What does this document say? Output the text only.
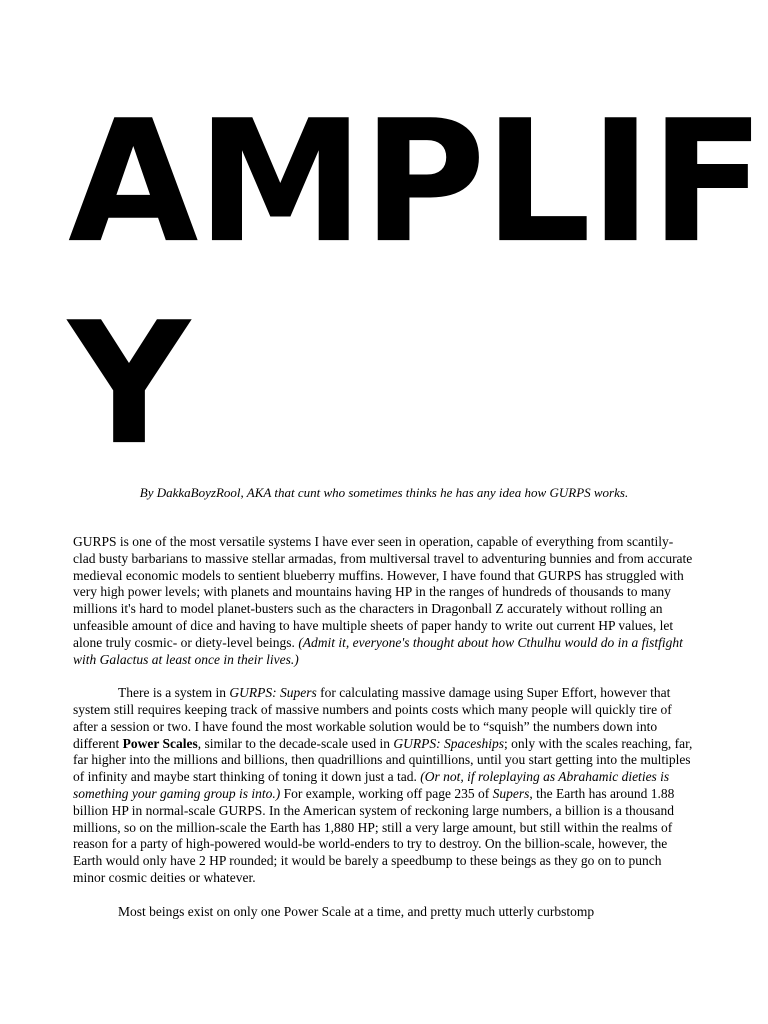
AMPLIF
Y
By DakkaBoyzRool, AKA that cunt who sometimes thinks he has any idea how GURPS works.

GURPS is one of the most versatile systems I have ever seen in operation, capable of everything from scantily-clad busty barbarians to massive stellar armadas, from multiversal travel to adventuring bunnies and from accurate medieval economic models to sentient blueberry muffins. However, I have found that GURPS has struggled with very high power levels; with planets and mountains having HP in the ranges of hundreds of thousands to many millions it's hard to model planet-busters such as the characters in Dragonball Z accurately without rolling an unfeasible amount of dice and having to have multiple sheets of paper handy to write out current HP values, let alone truly cosmic- or diety-level beings. (Admit it, everyone's thought about how Cthulhu would do in a fistfight with Galactus at least once in their lives.)

There is a system in GURPS: Supers for calculating massive damage using Super Effort, however that system still requires keeping track of massive numbers and points costs which many people will quickly tire of after a session or two. I have found the most workable solution would be to “squish” the numbers down into different Power Scales, similar to the decade-scale used in GURPS: Spaceships; only with the scales reaching, far, far higher into the millions and billions, then quadrillions and quintillions, until you start getting into the multiples of infinity and maybe start thinking of toning it down just a tad. (Or not, if roleplaying as Abrahamic dieties is something your gaming group is into.) For example, working off page 235 of Supers, the Earth has around 1.88 billion HP in normal-scale GURPS. In the American system of reckoning large numbers, a billion is a thousand millions, so on the million-scale the Earth has 1,880 HP; still a very large amount, but still within the realms of reason for a party of high-powered would-be world-enders to try to destroy. On the billion-scale, however, the Earth would only have 2 HP rounded; it would be barely a speedbump to these beings as they go on to punch minor cosmic deities or whatever.

Most beings exist on only one Power Scale at a time, and pretty much utterly curbstomp
